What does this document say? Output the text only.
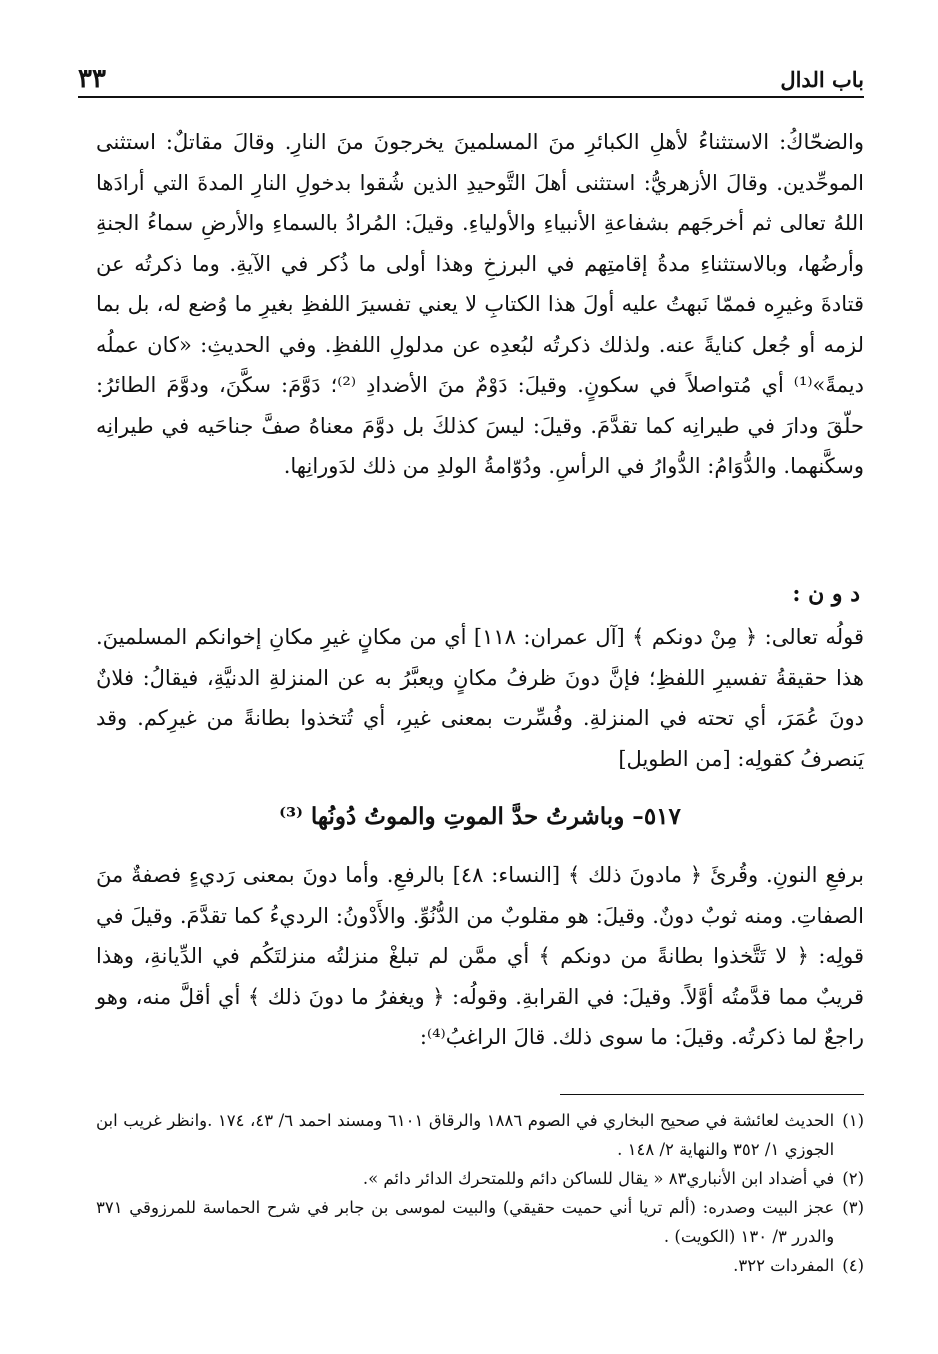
باب الدال
٣٣

والضحّاكُ: الاستثناءُ لأهلِ الكبائرِ منَ المسلمينَ يخرجونَ منَ النارِ. وقالَ مقاتلٌ: استثنى الموحِّدين. وقالَ الأزهريُّ: استثنى أهلَ التَّوحيدِ الذين شُقوا بدخولِ النارِ المدةَ التي أرادَها اللهُ تعالى ثم أخرجَهم بشفاعةِ الأنبياءِ والأولياءِ. وقيلَ: المُرادُ بالسماءِ والأرضِ سماءُ الجنةِ وأرضُها، وبالاستثناءِ مدةُ إقامتِهم في البرزخِ وهذا أولى ما ذُكر في الآيةِ. وما ذكرتُه عن قتادةَ وغيرِه فممّا نَبهتُ عليه أولَ هذا الكتابِ لا يعني تفسيرَ اللفظِ بغيرِ ما وُضع له، بل بما لزمه أو جُعل كنايةً عنه. ولذلك ذكرتُه لبُعدِه عن مدلولِ اللفظِ. وفي الحديثِ: «كان عملُه ديمةً»⁽¹⁾ أي مُتواصلاً في سكونٍ. وقيلَ: دَوْمٌ منَ الأضدادِ ⁽²⁾؛ دَوَّمَ: سكَّنَ، ودوَّمَ الطائرُ: حلّقَ ودارَ في طيرانِه كما تقدَّمَ. وقيلَ: ليسَ كذلكَ بل دوَّمَ معناهُ صفَّ جناحَيه في طيرانِه وسكَّنهما. والدُّوَامُ: الدُّوارُ في الرأسِ. ودُوّامةُ الولدِ من ذلك لدَورانِها.

د و ن :

قولُه تعالى: ﴿ مِنْ دونكم ﴾ [آل عمران: ١١٨] أي من مكانٍ غيرِ مكانِ إخوانكم المسلمينَ. هذا حقيقةُ تفسيرِ اللفظِ؛ فإنَّ دونَ ظرفُ مكانٍ ويعبَّرُ به عن المنزلةِ الدنيَّةِ، فيقالُ: فلانٌ دونَ عُمَرَ، أي تحته في المنزلةِ. وفُسِّرت بمعنى غيرِ، أي تُتخذوا بطانةً من غيرِكم. وقد يَنصرفُ كقولِه: [من الطويل]

٥١٧– وباشرتُ حدَّ الموتِ والموتُ دُونُها ⁽³⁾

برفعِ النونِ. وقُرئَ ﴿ مادونَ ذلك ﴾ [النساء: ٤٨] بالرفعِ. وأما دونَ بمعنى رَديءٍ فصفةٌ منَ الصفاتِ. ومنه ثوبٌ دونٌ. وقيلَ: هو مقلوبٌ من الدُّنُوِّ. والأَدْونُ: الرديءُ كما تقدَّمَ. وقيلَ في قولِه: ﴿ لا تَتَّخذوا بطانةً من دونكم ﴾ أي ممَّن لم تبلغْ منزلتُه منزلتَكُم في الدِّيانةِ، وهذا قريبٌ مما قدَّمتُه أوَّلاً. وقيلَ: في القرابةِ. وقولُه: ﴿ ويغفرُ ما دونَ ذلك ﴾ أي أقلَّ منه، وهو راجعٌ لما ذكرتُه. وقيلَ: ما سوى ذلك. قالَ الراغبُ⁽⁴⁾:

(١)
الحديث لعائشة في صحيح البخاري في الصوم ١٨٨٦ والرقاق ٦١٠١ ومسند احمد ٦/ ٤٣، ١٧٤ .وانظر غريب ابن الجوزي ١/ ٣٥٢ والنهاية ٢/ ١٤٨ .
(٢)
في أضداد ابن الأنباري٨٣ « يقال للساكن دائم وللمتحرك الدائر دائم ».
(٣)
عجز البيت وصدره: (ألم تريا أني حميت حقيقي) والبيت لموسى بن جابر في شرح الحماسة للمرزوقي ٣٧١ والدرر ٣/ ١٣٠ (الكويت) .
(٤)
المفردات ٣٢٢.
